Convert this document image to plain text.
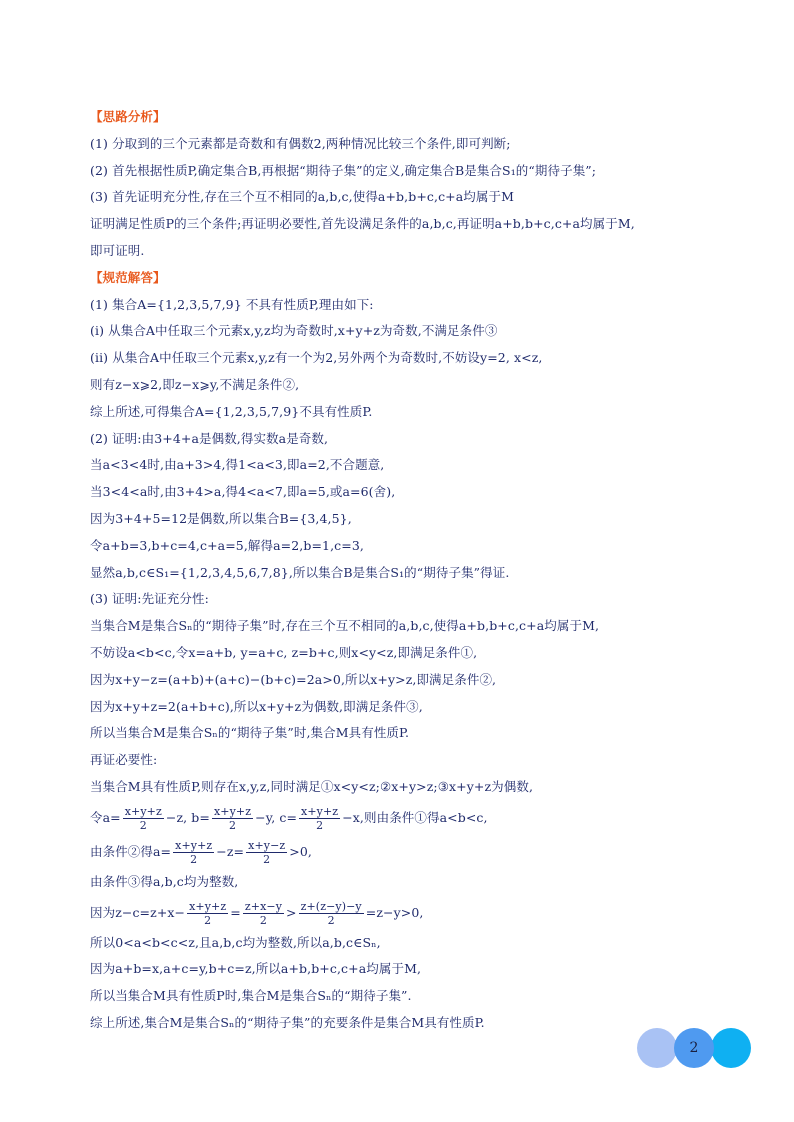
【思路分析】
(1) 分取到的三个元素都是奇数和有偶数2,两种情况比较三个条件,即可判断;
(2) 首先根据性质P,确定集合B,再根据“期待子集”的定义,确定集合B是集合S₁的“期待子集”;
(3) 首先证明充分性,存在三个互不相同的a,b,c,使得a+b,b+c,c+a均属于M
证明满足性质P的三个条件;再证明必要性,首先设满足条件的a,b,c,再证明a+b,b+c,c+a均属于M,
即可证明.
【规范解答】
(1) 集合A={1,2,3,5,7,9} 不具有性质P,理由如下:
(i) 从集合A中任取三个元素x,y,z均为奇数时,x+y+z为奇数,不满足条件③
(ii) 从集合A中任取三个元素x,y,z有一个为2,另外两个为奇数时,不妨设y=2, x<z,
则有z−x⩾2,即z−x⩾y,不满足条件②,
综上所述,可得集合A={1,2,3,5,7,9}不具有性质P.
(2) 证明:由3+4+a是偶数,得实数a是奇数,
当a<3<4时,由a+3>4,得1<a<3,即a=2,不合题意,
当3<4<a时,由3+4>a,得4<a<7,即a=5,或a=6(舍),
因为3+4+5=12是偶数,所以集合B={3,4,5},
令a+b=3,b+c=4,c+a=5,解得a=2,b=1,c=3,
显然a,b,c∈S₁={1,2,3,4,5,6,7,8},所以集合B是集合S₁的“期待子集”得证.
(3) 证明:先证充分性:
当集合M是集合Sₙ的“期待子集”时,存在三个互不相同的a,b,c,使得a+b,b+c,c+a均属于M,
不妨设a<b<c,令x=a+b, y=a+c, z=b+c,则x<y<z,即满足条件①,
因为x+y−z=(a+b)+(a+c)−(b+c)=2a>0,所以x+y>z,即满足条件②,
因为x+y+z=2(a+b+c),所以x+y+z为偶数,即满足条件③,
所以当集合M是集合Sₙ的“期待子集”时,集合M具有性质P.
再证必要性:
当集合M具有性质P,则存在x,y,z,同时满足①x<y<z;②x+y>z;③x+y+z为偶数,
令$a= \frac{x+y+z}{2} -z$, $b= \frac{x+y+z}{2} -y$, $c= \frac{x+y+z}{2} -x$,则由条件①得a<b<c,
由条件②得$a= \frac{x+y+z}{2} -z= \frac{x+y-z}{2} >0$,
由条件③得a,b,c均为整数,
因为$z-c=z+x- \frac{x+y+z}{2} = \frac{z+x-y}{2} > \frac{z+(z-y)-y}{2} =z-y>0$,
所以0<a<b<c<z,且a,b,c均为整数,所以a,b,c∈Sₙ,
因为a+b=x,a+c=y,b+c=z,所以a+b,b+c,c+a均属于M,
所以当集合M具有性质P时,集合M是集合Sₙ的“期待子集”.
综上所述,集合M是集合Sₙ的“期待子集”的充要条件是集合M具有性质P.
2
